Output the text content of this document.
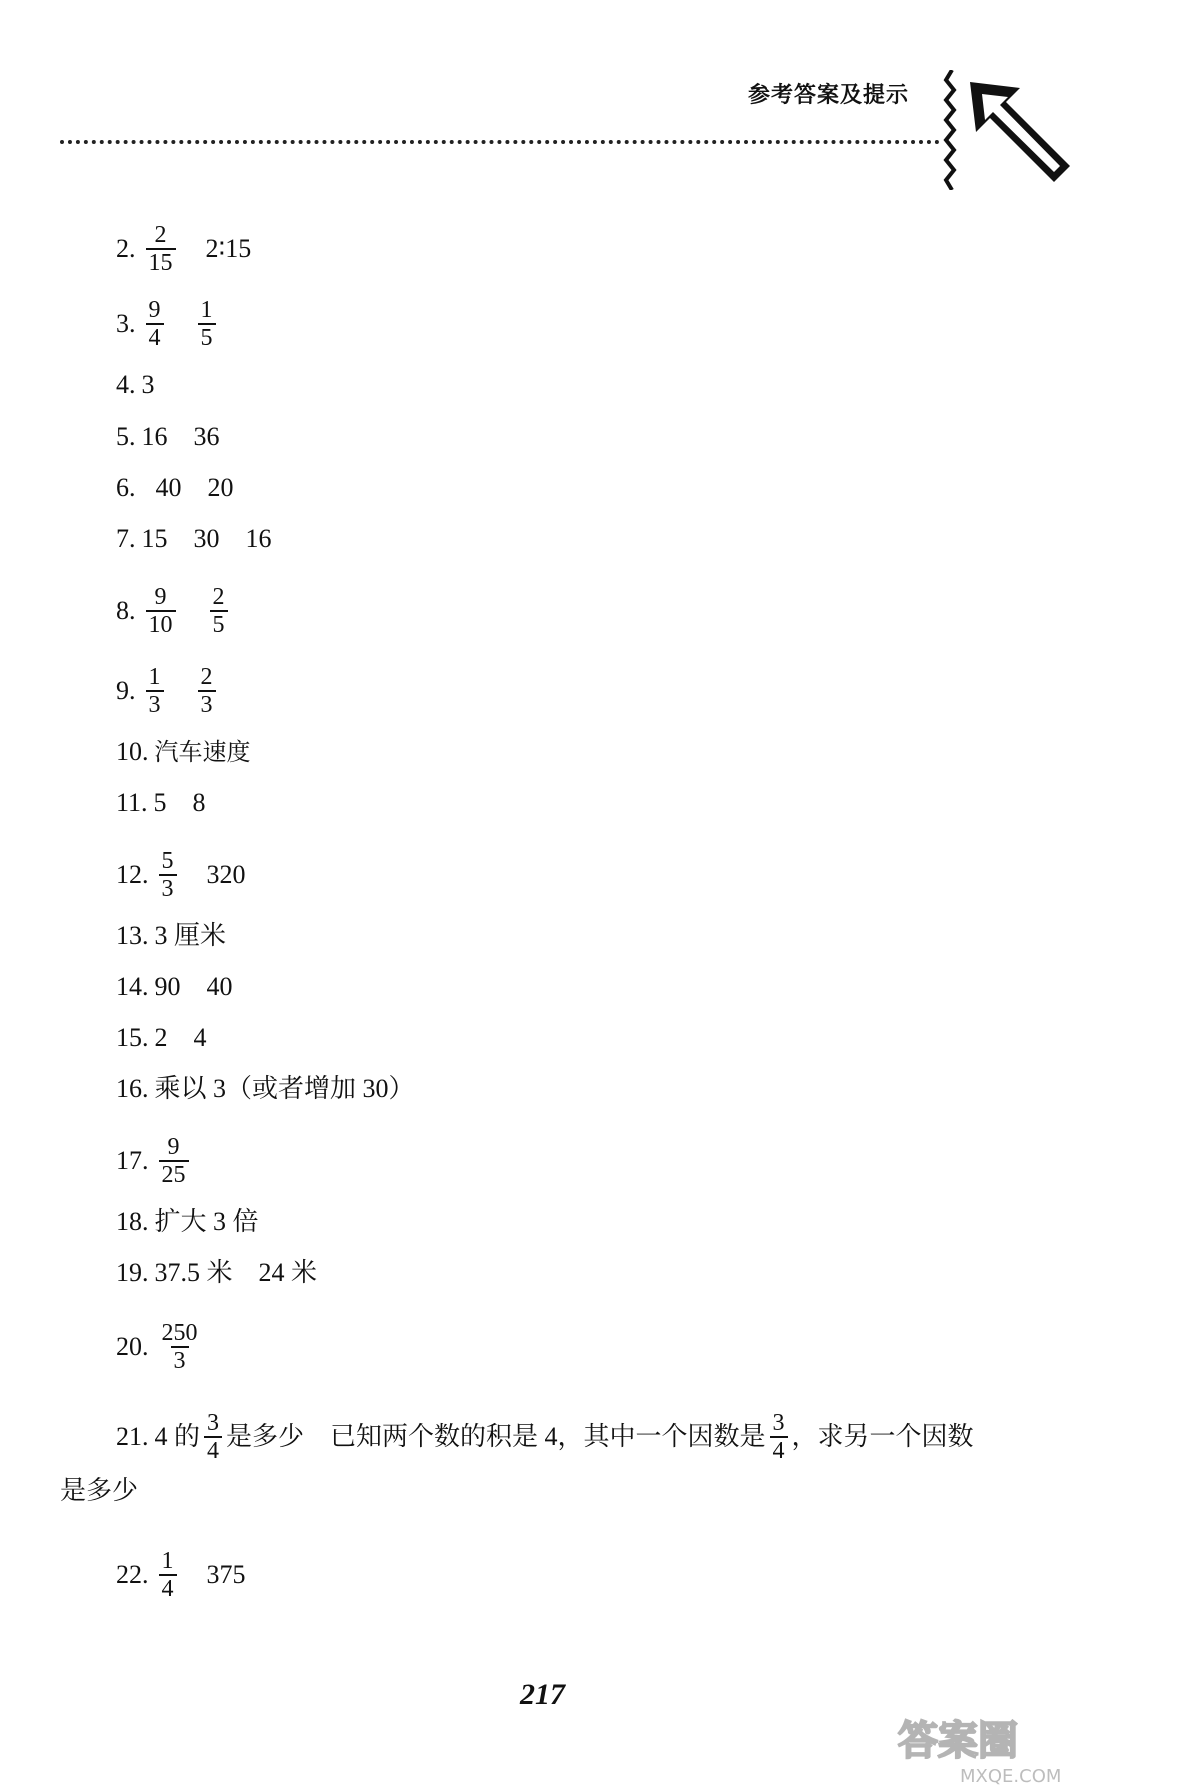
参考答案及提示
2. $\frac{2}{15}$ 2∶15
3. $\frac{9}{4} \frac{1}{5}$
4. 3
5. 16 36
6. 40 20
7. 15 30 16
8. $\frac{9}{10} \frac{2}{5}$
9. $\frac{1}{3} \frac{2}{3}$
10. 汽车速度
11. 5 8
12. $\frac{5}{3} 320$
13. 3 厘米
14. 90 40
15. 2 4
16. 乘以 3（或者增加 30）
17. $\frac{9}{25}$
18. 扩大 3 倍
19. 37.5 米 24 米
20. $\frac{250}{3}$
21. 4 的 $\frac{3}{4}$ 是多少 已知两个数的积是 4，其中一个因数是 $\frac{3}{4}$ ，求另一个因数
是多少
22. $\frac{1}{4} 375$
217
答案圈
MXQE.COM
